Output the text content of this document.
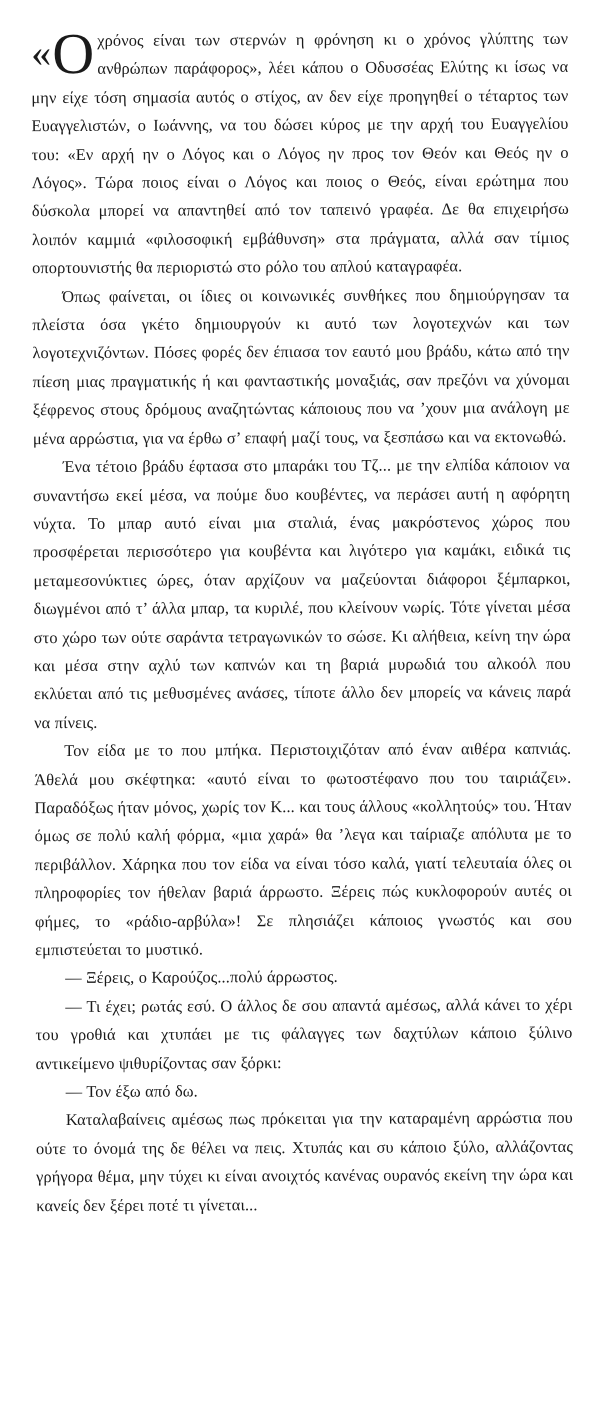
« Ο χρόνος είναι των στερνών η φρόνηση κι ο χρόνος γλύπτης των ανθρώπων παράφορος», λέει κάπου ο Οδυσσέας Ελύτης κι ίσως να μην είχε τόση σημασία αυτός ο στίχος, αν δεν είχε προηγηθεί ο τέταρτος των Ευαγγελιστών, ο Ιωάννης, να του δώσει κύρος με την αρχή του Ευαγγελίου του: «Εν αρχή ην ο Λόγος και ο Λόγος ην προς τον Θεόν και Θεός ην ο Λόγος». Τώρα ποιος είναι ο Λόγος και ποιος ο Θεός, είναι ερώτημα που δύσκολα μπορεί να απαντηθεί από τον ταπεινό γραφέα. Δε θα επιχειρήσω λοιπόν καμμιά «φιλοσοφική εμβάθυνση» στα πράγματα, αλλά σαν τίμιος οπορτουνιστής θα περιοριστώ στο ρόλο του απλού καταγραφέα.

Όπως φαίνεται, οι ίδιες οι κοινωνικές συνθήκες που δημιούργησαν τα πλείστα όσα γκέτο δημιουργούν κι αυτό των λογοτεχνών και των λογοτεχνιζόντων. Πόσες φορές δεν έπιασα τον εαυτό μου βράδυ, κάτω από την πίεση μιας πραγματικής ή και φανταστικής μοναξιάς, σαν πρεζόνι να χύνομαι ξέφρενος στους δρόμους αναζητώντας κάποιους που να ’χουν μια ανάλογη με μένα αρρώστια, για να έρθω σ’ επαφή μαζί τους, να ξεσπάσω και να εκτονωθώ.

Ένα τέτοιο βράδυ έφτασα στο μπαράκι του Τζ... με την ελπίδα κάποιον να συναντήσω εκεί μέσα, να πούμε δυο κουβέντες, να περάσει αυτή η αφόρητη νύχτα. Το μπαρ αυτό είναι μια σταλιά, ένας μακρόστενος χώρος που προσφέρεται περισσότερο για κουβέντα και λιγότερο για καμάκι, ειδικά τις μεταμεσονύκτιες ώρες, όταν αρχίζουν να μαζεύονται διάφοροι ξέμπαρκοι, διωγμένοι από τ’ άλλα μπαρ, τα κυριλέ, που κλείνουν νωρίς. Τότε γίνεται μέσα στο χώρο των ούτε σαράντα τετραγωνικών το σώσε. Κι αλήθεια, κείνη την ώρα και μέσα στην αχλύ των καπνών και τη βαριά μυρωδιά του αλκοόλ που εκλύεται από τις μεθυσμένες ανάσες, τίποτε άλλο δεν μπορείς να κάνεις παρά να πίνεις.

Τον είδα με το που μπήκα. Περιστοιχιζόταν από έναν αιθέρα καπνιάς. Άθελά μου σκέφτηκα: «αυτό είναι το φωτοστέφανο που του ταιριάζει». Παραδόξως ήταν μόνος, χωρίς τον Κ... και τους άλλους «κολλητούς» του. Ήταν όμως σε πολύ καλή φόρμα, «μια χαρά» θα ’λεγα και ταίριαζε απόλυτα με το περιβάλλον. Χάρηκα που τον είδα να είναι τόσο καλά, γιατί τελευταία όλες οι πληροφορίες τον ήθελαν βαριά άρρωστο. Ξέρεις πώς κυκλοφορούν αυτές οι φήμες, το «ράδιο-αρβύλα»! Σε πλησιάζει κάποιος γνωστός και σου εμπιστεύεται το μυστικό.

— Ξέρεις, ο Καρούζος...πολύ άρρωστος.

— Τι έχει; ρωτάς εσύ. Ο άλλος δε σου απαντά αμέσως, αλλά κάνει το χέρι του γροθιά και χτυπάει με τις φάλαγγες των δαχτύλων κάποιο ξύλινο αντικείμενο ψιθυρίζοντας σαν ξόρκι:

— Τον έξω από δω.

Καταλαβαίνεις αμέσως πως πρόκειται για την καταραμένη αρρώστια που ούτε το όνομά της δε θέλει να πεις. Χτυπάς και συ κάποιο ξύλο, αλλάζοντας γρήγορα θέμα, μην τύχει κι είναι ανοιχτός κανένας ουρανός εκείνη την ώρα και κανείς δεν ξέρει ποτέ τι γίνεται...
